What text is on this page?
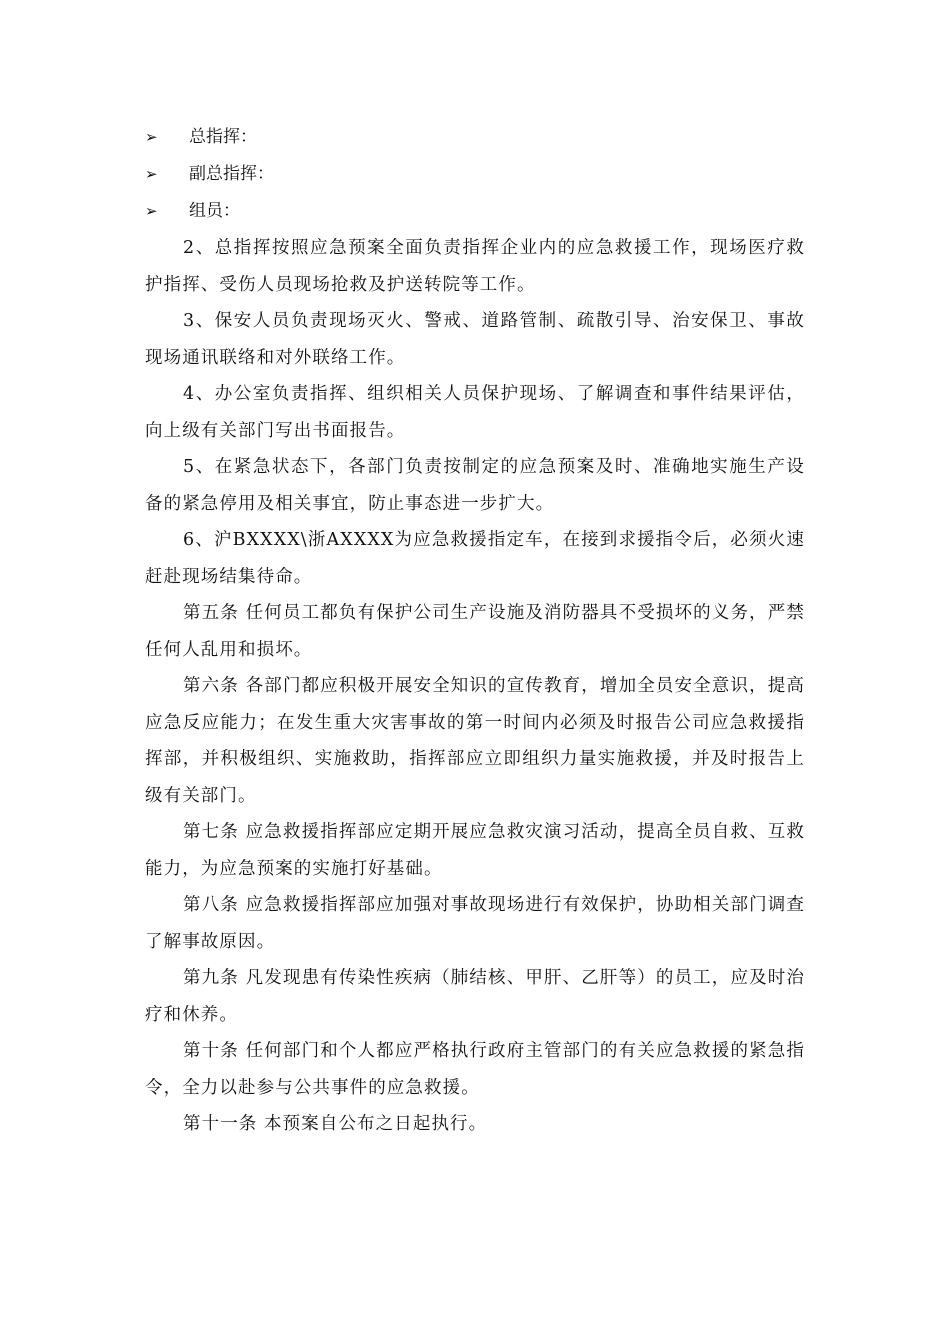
➢	总指挥：
➢	副总指挥：
➢	组员：

2、总指挥按照应急预案全面负责指挥企业内的应急救援工作，现场医疗救护指挥、受伤人员现场抢救及护送转院等工作。

3、保安人员负责现场灭火、警戒、道路管制、疏散引导、治安保卫、事故现场通讯联络和对外联络工作。

4、办公室负责指挥、组织相关人员保护现场、了解调查和事件结果评估，向上级有关部门写出书面报告。

5、在紧急状态下，各部门负责按制定的应急预案及时、准确地实施生产设备的紧急停用及相关事宜，防止事态进一步扩大。

6、沪BXXXX\浙AXXXX为应急救援指定车，在接到求援指令后，必须火速赶赴现场结集待命。

第五条 任何员工都负有保护公司生产设施及消防器具不受损坏的义务，严禁任何人乱用和损坏。

第六条 各部门都应积极开展安全知识的宣传教育，增加全员安全意识，提高应急反应能力；在发生重大灾害事故的第一时间内必须及时报告公司应急救援指挥部，并积极组织、实施救助，指挥部应立即组织力量实施救援，并及时报告上级有关部门。

第七条 应急救援指挥部应定期开展应急救灾演习活动，提高全员自救、互救能力，为应急预案的实施打好基础。

第八条 应急救援指挥部应加强对事故现场进行有效保护，协助相关部门调查了解事故原因。

第九条 凡发现患有传染性疾病（肺结核、甲肝、乙肝等）的员工，应及时治疗和休养。

第十条 任何部门和个人都应严格执行政府主管部门的有关应急救援的紧急指令，全力以赴参与公共事件的应急救援。

第十一条 本预案自公布之日起执行。
